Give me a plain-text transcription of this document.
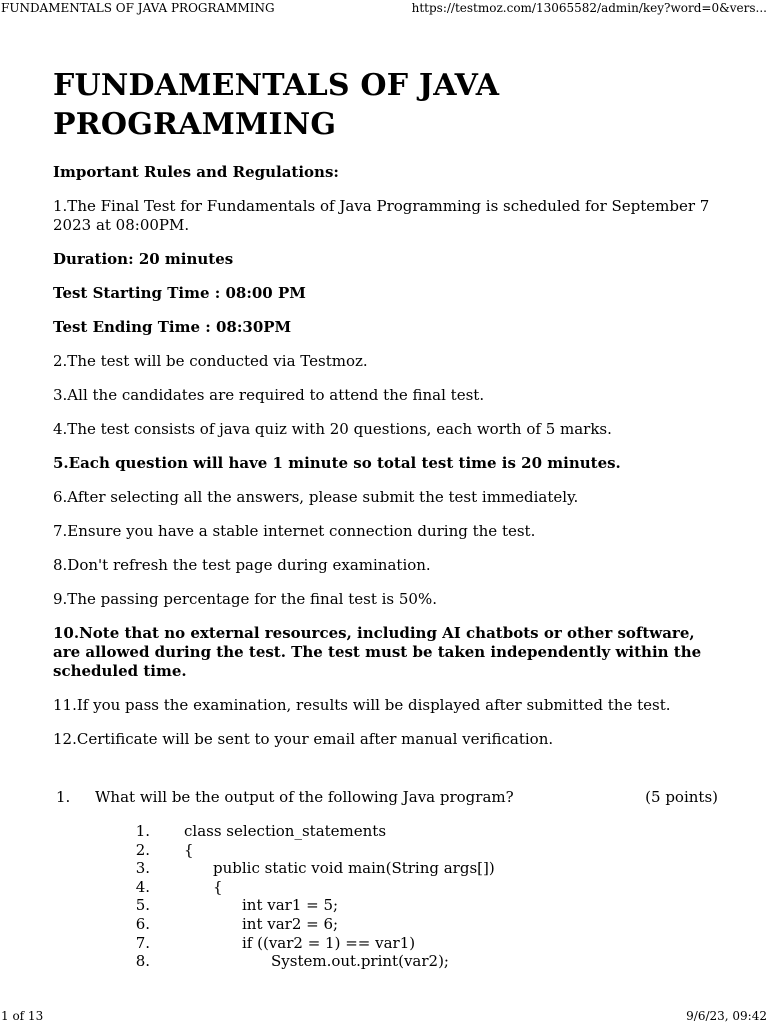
FUNDAMENTALS OF JAVA PROGRAMMING	https://testmoz.com/13065582/admin/key?word=0&vers...
FUNDAMENTALS OF JAVA PROGRAMMING

Important Rules and Regulations:

1.The Final Test for Fundamentals of Java Programming is scheduled for September 7 2023 at 08:00PM.

Duration: 20 minutes

Test Starting Time : 08:00 PM

Test Ending Time : 08:30PM

2.The test will be conducted via Testmoz.

3.All the candidates are required to attend the final test.

4.The test consists of java quiz with 20 questions, each worth of 5 marks.

5.Each question will have 1 minute so total test time is 20 minutes.

6.After selecting all the answers, please submit the test immediately.

7.Ensure you have a stable internet connection during the test.

8.Don't refresh the test page during examination.

9.The passing percentage for the final test is 50%.

10.Note that no external resources, including AI chatbots or other software, are allowed during the test. The test must be taken independently within the scheduled time.

11.If you pass the examination, results will be displayed after submitted the test.

12.Certificate will be sent to your email after manual verification.

1.	What will be the output of the following Java program?	(5 points)
1. class selection_statements
2. {
3.	public static void main(String args[])
4.	{
5.	int var1 = 5;
6.	int var2 = 6;
7.	if ((var2 = 1) == var1)
8.	System.out.print(var2);
1 of 13	9/6/23, 09:42
